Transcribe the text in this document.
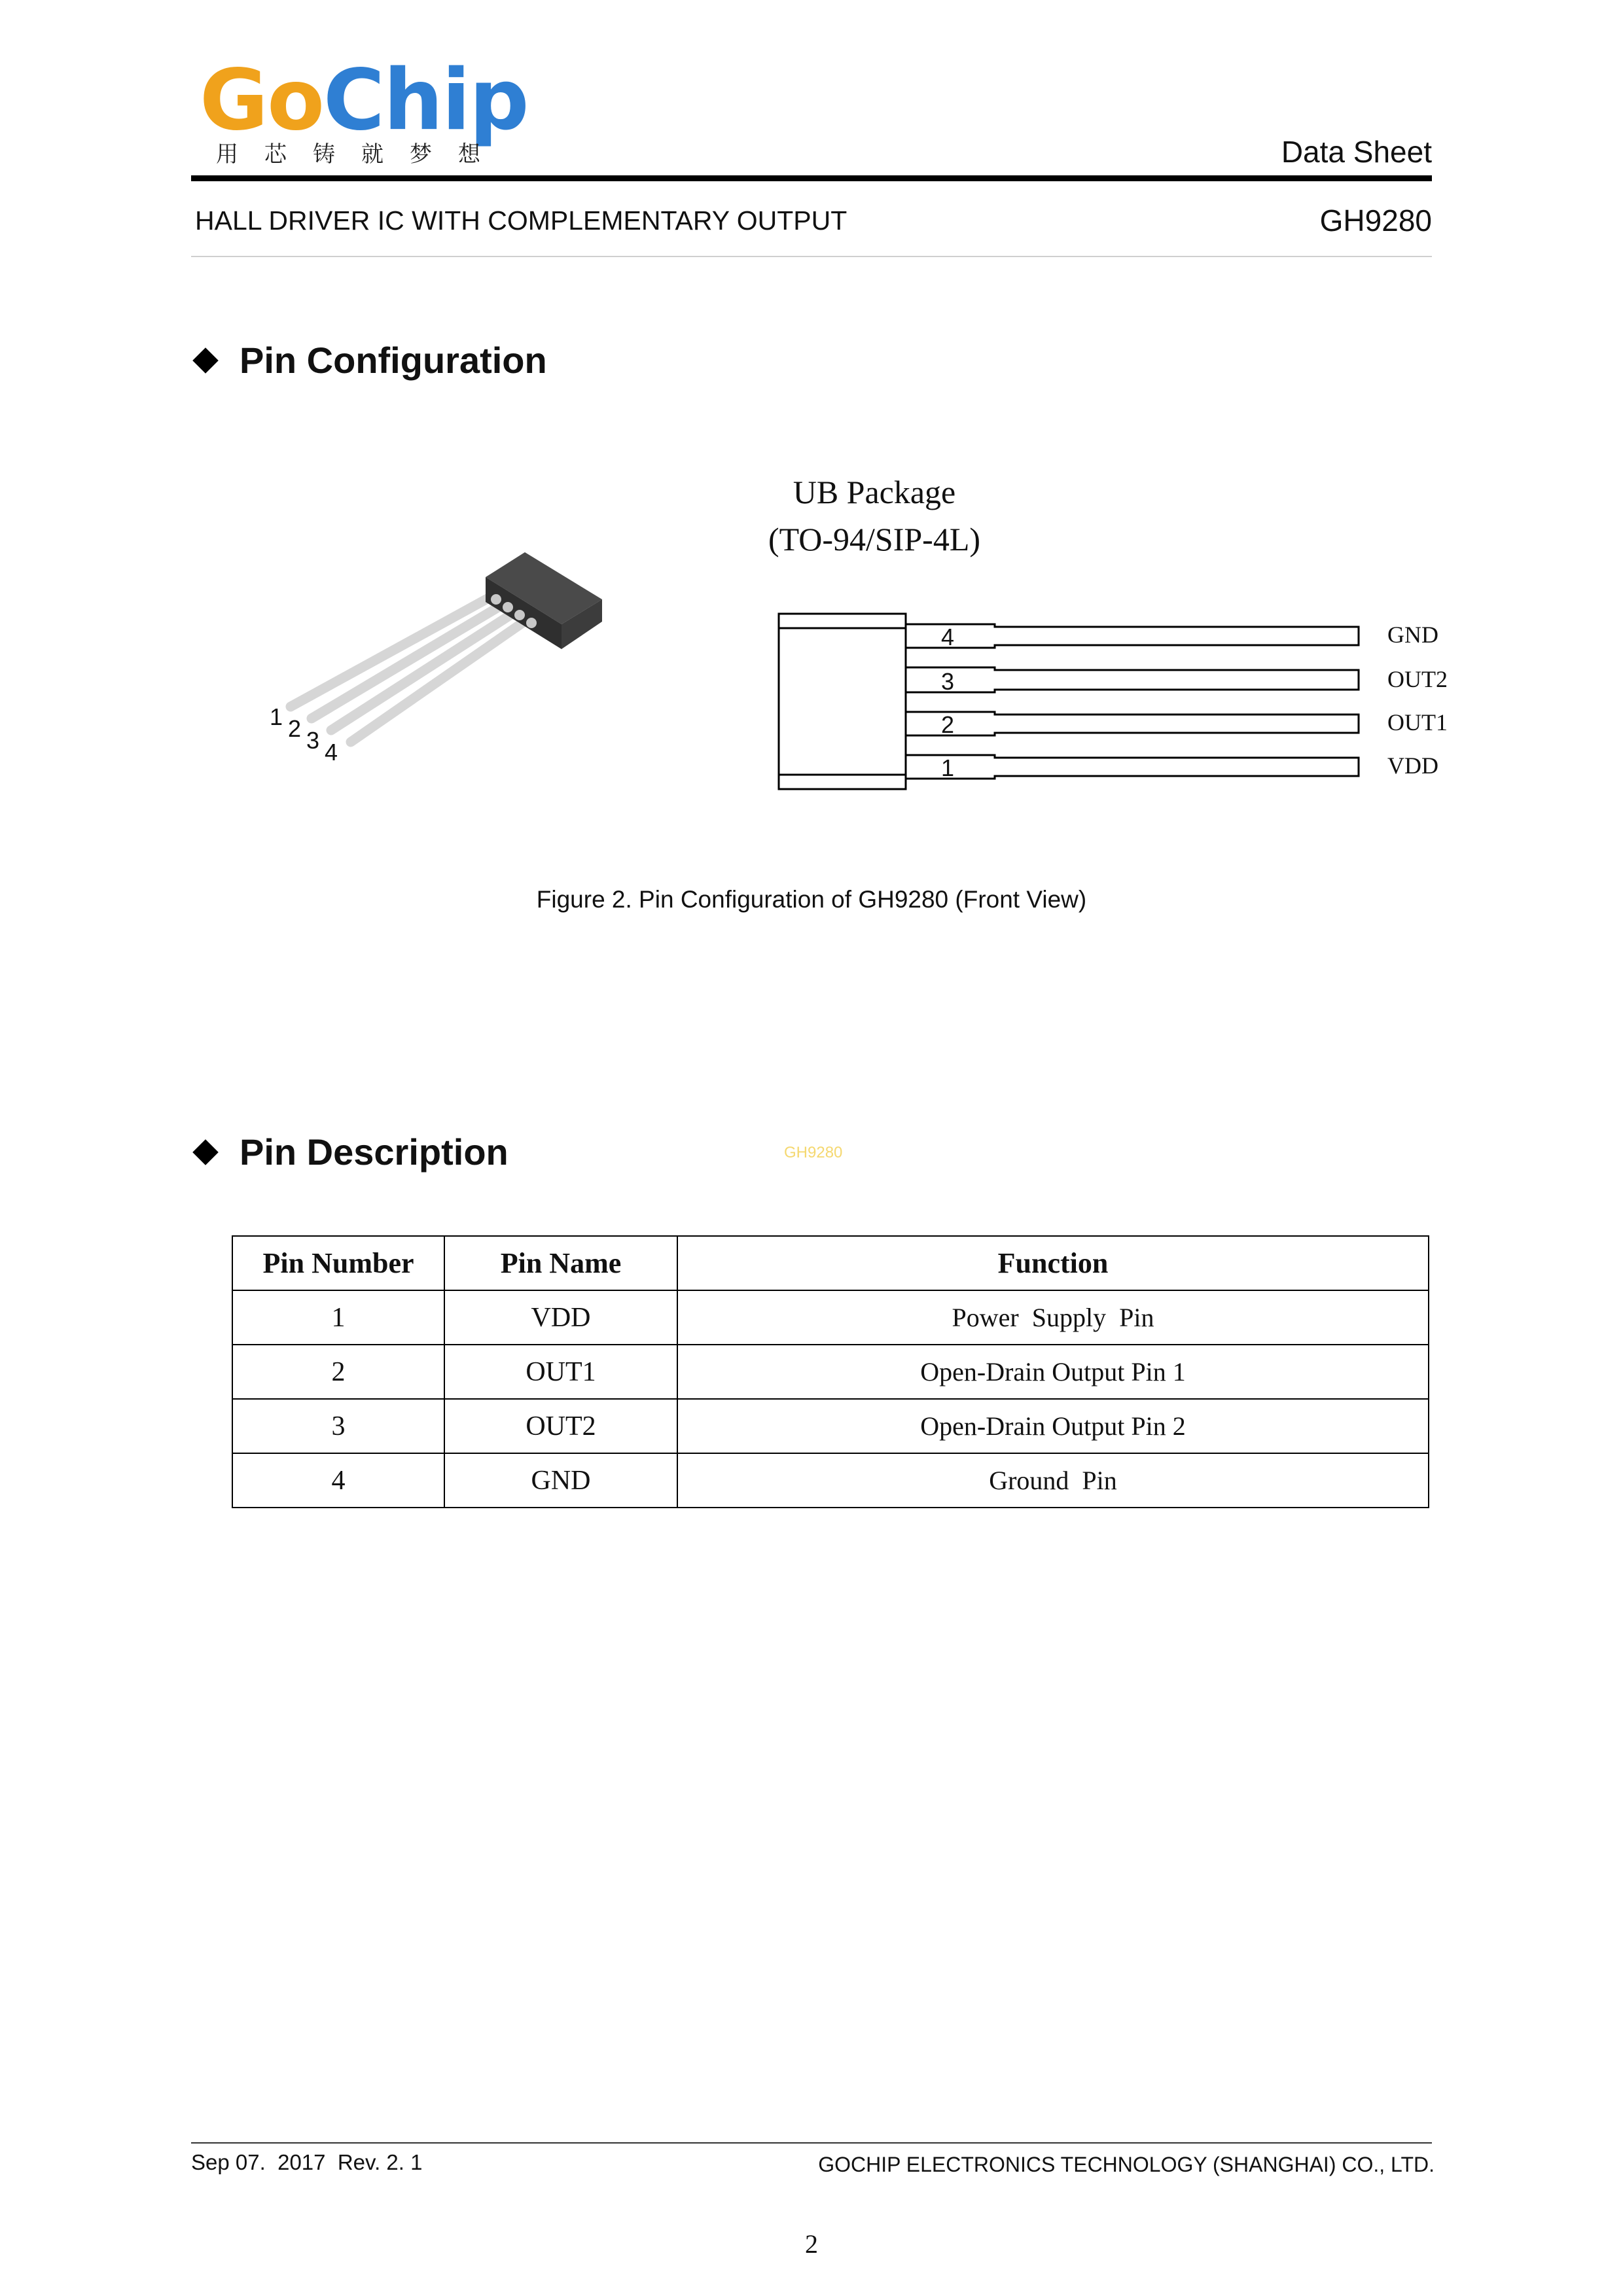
GoChip
用芯铸就梦想	Data Sheet
HALL DRIVER IC WITH COMPLEMENTARY OUTPUT	GH9280
Pin Configuration
UB Package
(TO-94/SIP-4L)
1 2 3 4
4
3
2
1
GND
OUT2
OUT1
VDD
Figure 2. Pin Configuration of GH9280 (Front View)
Pin Description	GH9280
Pin Number	Pin Name	Function
1	VDD	Power  Supply  Pin
2	OUT1	Open-Drain Output Pin 1
3	OUT2	Open-Drain Output Pin 2
4	GND	Ground  Pin
Sep 07.  2017  Rev. 2. 1	GOCHIP ELECTRONICS TECHNOLOGY (SHANGHAI) CO., LTD.
2
